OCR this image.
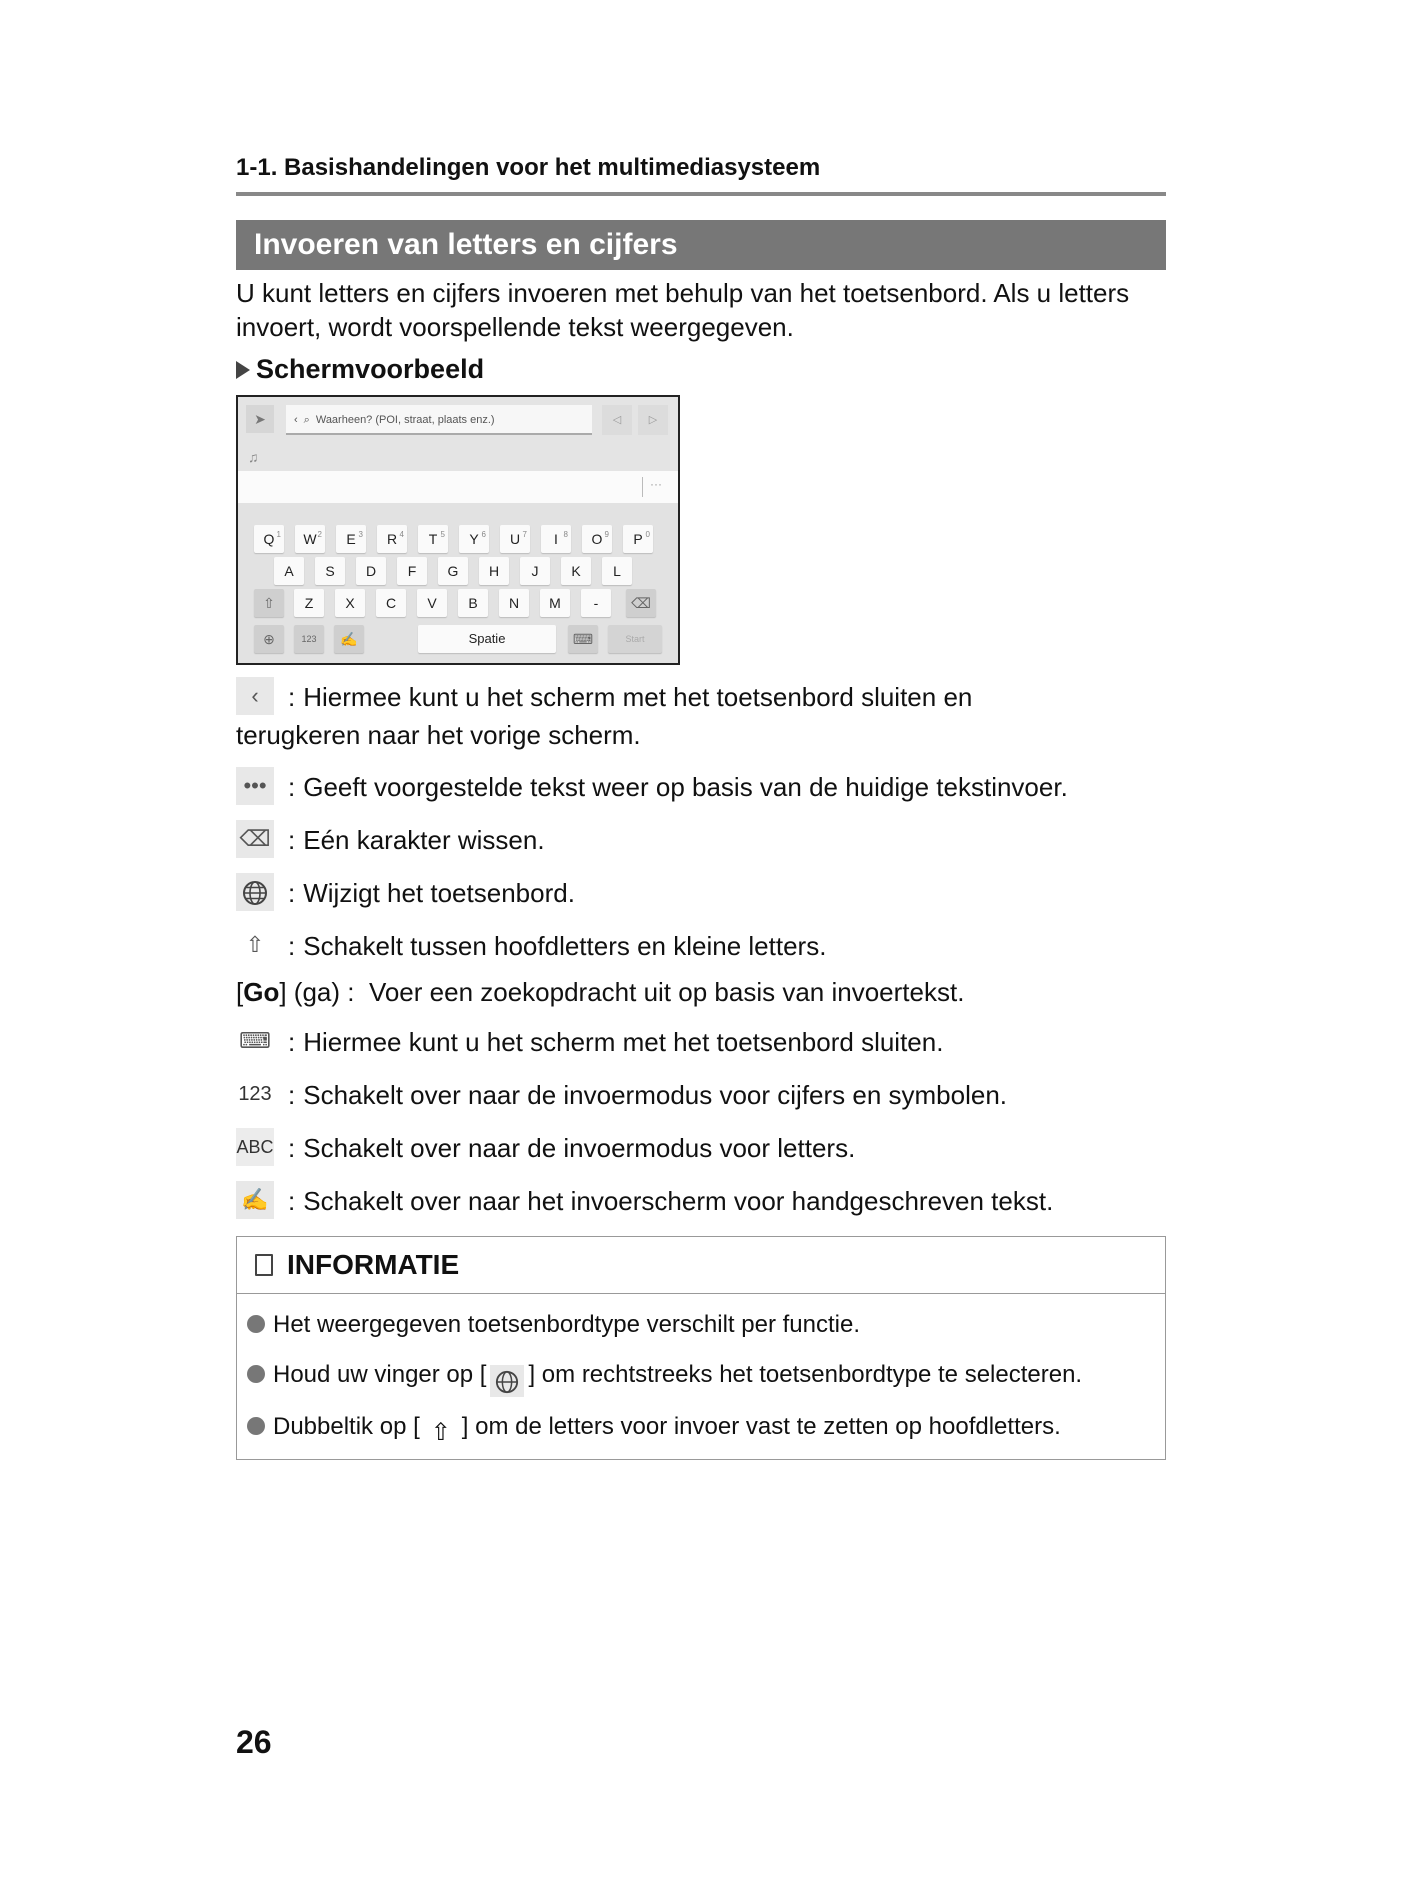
1-1. Basishandelingen voor het multimediasysteem
Invoeren van letters en cijfers
U kunt letters en cijfers invoeren met behulp van het toetsenbord. Als u letters invoert, wordt voorspellende tekst weergegeven.
Schermvoorbeeld
➤	‹ ⌕ Waarheen? (POI, straat, plaats enz.)	◁	▷
♫
···
Q 1	W 2	E 3	R 4	T 5	Y 6	U 7	I 8	O 9	P 0
A	S	D	F	G	H	J	K	L
⇧	⌫
Z	X	C	V	B	N	M	-
⊕	123	✍	Spatie	⌨	Start
‹ : Hiermee kunt u het scherm met het toetsenbord sluiten en
terugkeren naar het vorige scherm.
••• : Geeft voorgestelde tekst weer op basis van de huidige tekstinvoer.
⌫ : Eén karakter wissen.
: Wijzigt het toetsenbord.
⇧ : Schakelt tussen hoofdletters en kleine letters.
[Go] (ga) : Voer een zoekopdracht uit op basis van invoertekst.
⌨ : Hiermee kunt u het scherm met het toetsenbord sluiten.
123 : Schakelt over naar de invoermodus voor cijfers en symbolen.
ABC : Schakelt over naar de invoermodus voor letters.
✍ : Schakelt over naar het invoerscherm voor handgeschreven tekst.
INFORMATIE
Het weergegeven toetsenbordtype verschilt per functie.
Houd uw vinger op [ ] om rechtstreeks het toetsenbordtype te selecteren.
Dubbeltik op [ ⇧ ] om de letters voor invoer vast te zetten op hoofdletters.
26
